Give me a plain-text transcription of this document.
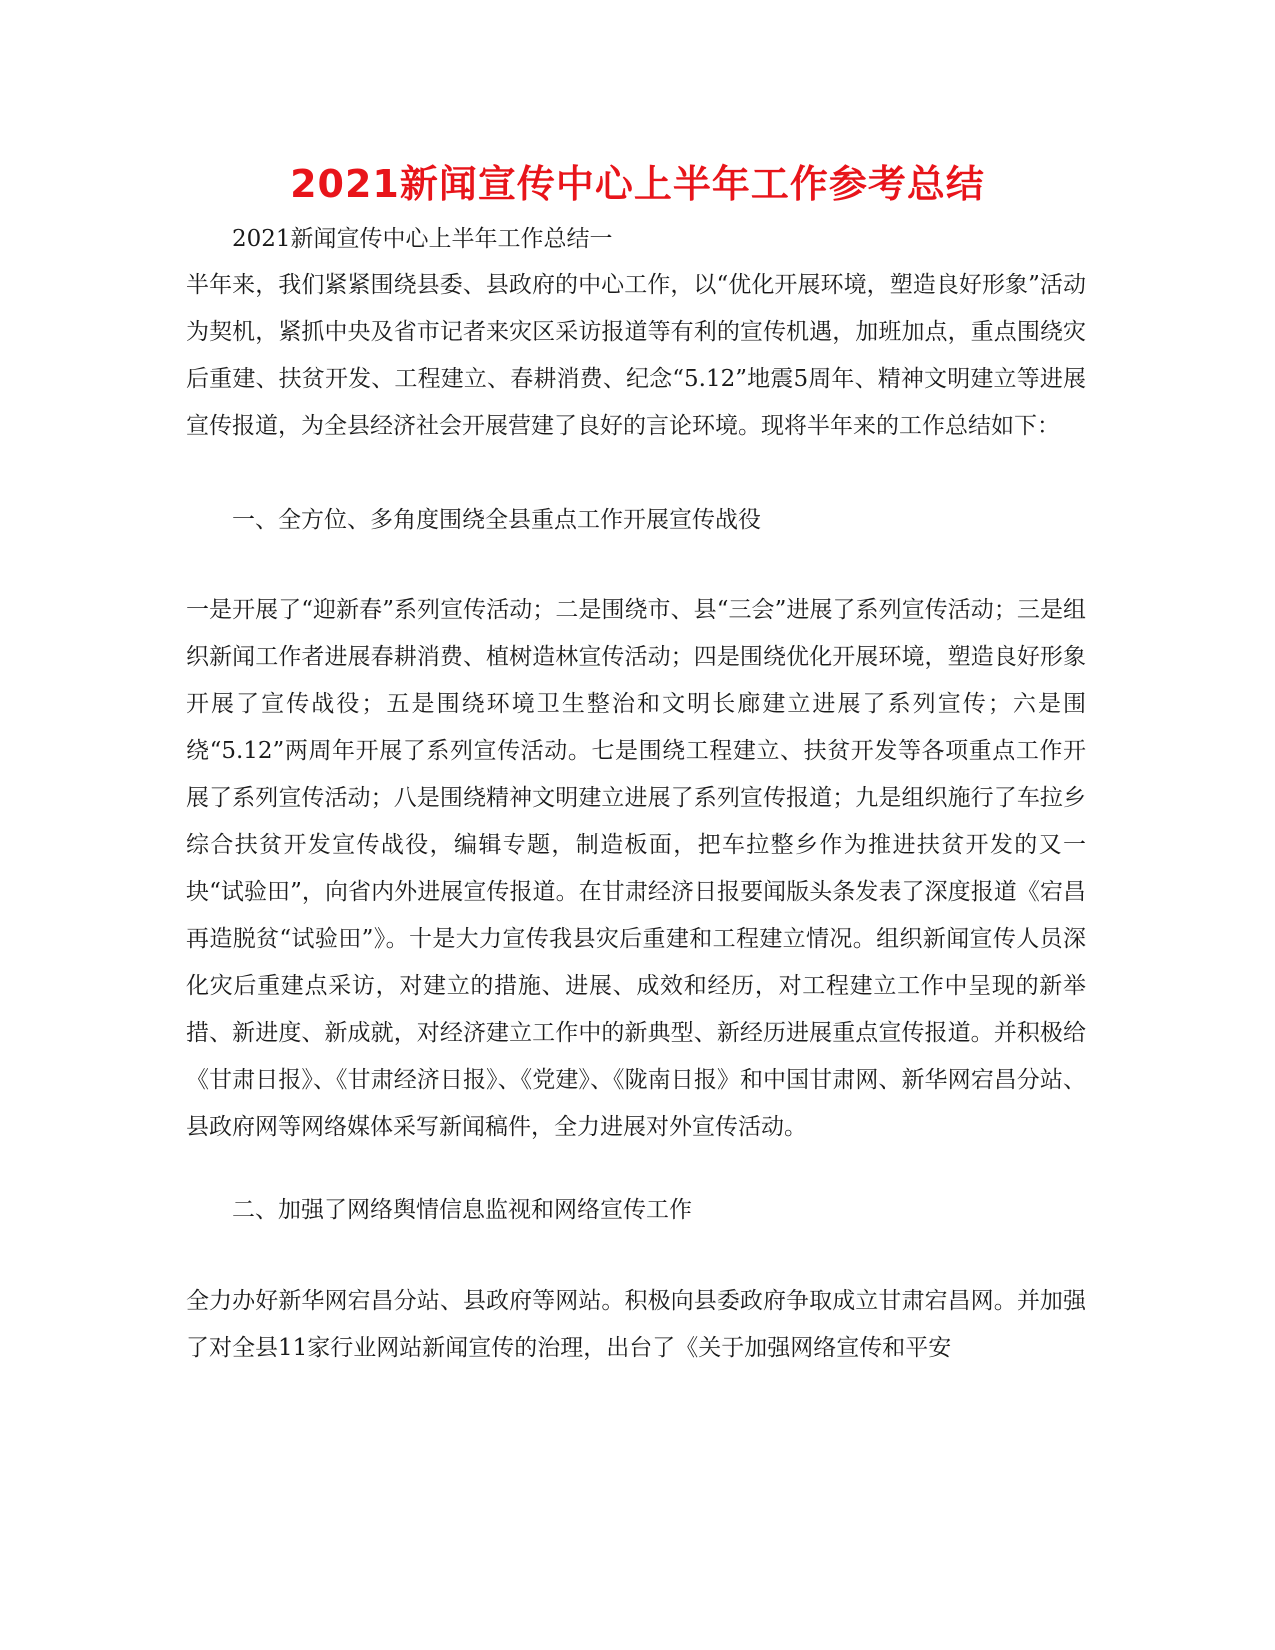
2021新闻宣传中心上半年工作参考总结

2021新闻宣传中心上半年工作总结一

半年来，我们紧紧围绕县委、县政府的中心工作，以“优化开展环境，塑造良好形象”活动为契机，紧抓中央及省市记者来灾区采访报道等有利的宣传机遇，加班加点，重点围绕灾后重建、扶贫开发、工程建立、春耕消费、纪念“5.12”地震5周年、精神文明建立等进展宣传报道，为全县经济社会开展营建了良好的言论环境。现将半年来的工作总结如下：

一、全方位、多角度围绕全县重点工作开展宣传战役

一是开展了“迎新春”系列宣传活动；二是围绕市、县“三会”进展了系列宣传活动；三是组织新闻工作者进展春耕消费、植树造林宣传活动；四是围绕优化开展环境，塑造良好形象开展了宣传战役；五是围绕环境卫生整治和文明长廊建立进展了系列宣传；六是围绕“5.12”两周年开展了系列宣传活动。七是围绕工程建立、扶贫开发等各项重点工作开展了系列宣传活动；八是围绕精神文明建立进展了系列宣传报道；九是组织施行了车拉乡综合扶贫开发宣传战役，编辑专题，制造板面，把车拉整乡作为推进扶贫开发的又一块“试验田”，向省内外进展宣传报道。在甘肃经济日报要闻版头条发表了深度报道《宕昌再造脱贫“试验田”》。十是大力宣传我县灾后重建和工程建立情况。组织新闻宣传人员深化灾后重建点采访，对建立的措施、进展、成效和经历，对工程建立工作中呈现的新举措、新进度、新成就，对经济建立工作中的新典型、新经历进展重点宣传报道。并积极给《甘肃日报》、《甘肃经济日报》、《党建》、《陇南日报》和中国甘肃网、新华网宕昌分站、县政府网等网络媒体采写新闻稿件，全力进展对外宣传活动。

二、加强了网络舆情信息监视和网络宣传工作

全力办好新华网宕昌分站、县政府等网站。积极向县委政府争取成立甘肃宕昌网。并加强了对全县11家行业网站新闻宣传的治理，出台了《关于加强网络宣传和平安
